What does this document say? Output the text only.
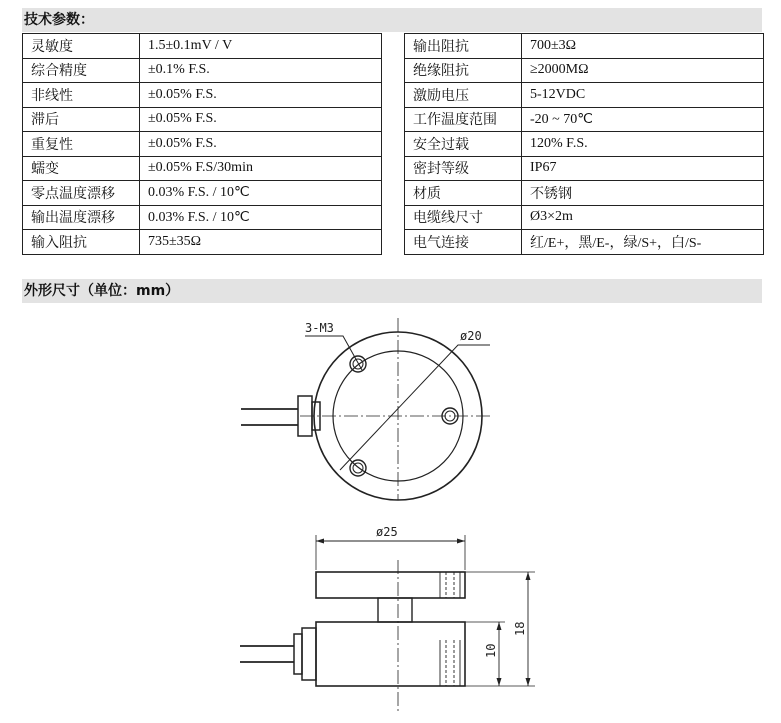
技术参数：
灵敏度	1.5±0.1mV / V		输出阻抗	700±3Ω
综合精度	±0.1% F.S.		绝缘阻抗	≥2000MΩ
非线性	±0.05% F.S.		激励电压	5-12VDC
滞后	±0.05% F.S.		工作温度范围	-20 ~ 70℃
重复性	±0.05% F.S.		安全过载	120% F.S.
蠕变	±0.05% F.S/30min		密封等级	IP67
零点温度漂移	0.03% F.S. / 10℃		材质	不锈钢
输出温度漂移	0.03% F.S. / 10℃		电缆线尺寸	Ø3×2m
输入阻抗	735±35Ω		电气连接	红/E+，黑/E-，绿/S+，白/S-
外形尺寸（单位：mm）
3-M3
ø20
ø25
18
10
